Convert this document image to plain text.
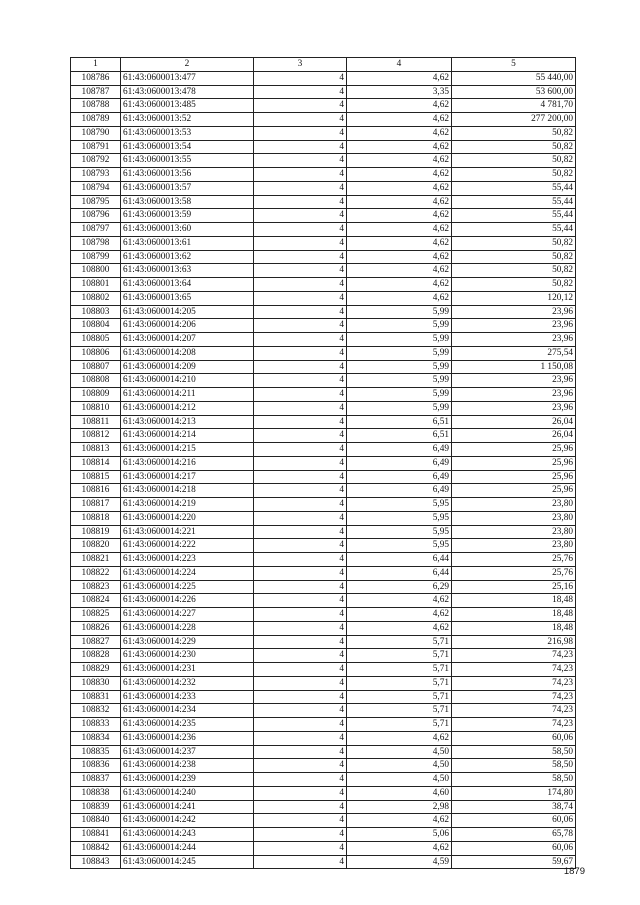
1	2	3	4	5
108786	61:43:0600013:477	4	4,62	55 440,00
108787	61:43:0600013:478	4	3,35	53 600,00
108788	61:43:0600013:485	4	4,62	4 781,70
108789	61:43:0600013:52	4	4,62	277 200,00
108790	61:43:0600013:53	4	4,62	50,82
108791	61:43:0600013:54	4	4,62	50,82
108792	61:43:0600013:55	4	4,62	50,82
108793	61:43:0600013:56	4	4,62	50,82
108794	61:43:0600013:57	4	4,62	55,44
108795	61:43:0600013:58	4	4,62	55,44
108796	61:43:0600013:59	4	4,62	55,44
108797	61:43:0600013:60	4	4,62	55,44
108798	61:43:0600013:61	4	4,62	50,82
108799	61:43:0600013:62	4	4,62	50,82
108800	61:43:0600013:63	4	4,62	50,82
108801	61:43:0600013:64	4	4,62	50,82
108802	61:43:0600013:65	4	4,62	120,12
108803	61:43:0600014:205	4	5,99	23,96
108804	61:43:0600014:206	4	5,99	23,96
108805	61:43:0600014:207	4	5,99	23,96
108806	61:43:0600014:208	4	5,99	275,54
108807	61:43:0600014:209	4	5,99	1 150,08
108808	61:43:0600014:210	4	5,99	23,96
108809	61:43:0600014:211	4	5,99	23,96
108810	61:43:0600014:212	4	5,99	23,96
108811	61:43:0600014:213	4	6,51	26,04
108812	61:43:0600014:214	4	6,51	26,04
108813	61:43:0600014:215	4	6,49	25,96
108814	61:43:0600014:216	4	6,49	25,96
108815	61:43:0600014:217	4	6,49	25,96
108816	61:43:0600014:218	4	6,49	25,96
108817	61:43:0600014:219	4	5,95	23,80
108818	61:43:0600014:220	4	5,95	23,80
108819	61:43:0600014:221	4	5,95	23,80
108820	61:43:0600014:222	4	5,95	23,80
108821	61:43:0600014:223	4	6,44	25,76
108822	61:43:0600014:224	4	6,44	25,76
108823	61:43:0600014:225	4	6,29	25,16
108824	61:43:0600014:226	4	4,62	18,48
108825	61:43:0600014:227	4	4,62	18,48
108826	61:43:0600014:228	4	4,62	18,48
108827	61:43:0600014:229	4	5,71	216,98
108828	61:43:0600014:230	4	5,71	74,23
108829	61:43:0600014:231	4	5,71	74,23
108830	61:43:0600014:232	4	5,71	74,23
108831	61:43:0600014:233	4	5,71	74,23
108832	61:43:0600014:234	4	5,71	74,23
108833	61:43:0600014:235	4	5,71	74,23
108834	61:43:0600014:236	4	4,62	60,06
108835	61:43:0600014:237	4	4,50	58,50
108836	61:43:0600014:238	4	4,50	58,50
108837	61:43:0600014:239	4	4,50	58,50
108838	61:43:0600014:240	4	4,60	174,80
108839	61:43:0600014:241	4	2,98	38,74
108840	61:43:0600014:242	4	4,62	60,06
108841	61:43:0600014:243	4	5,06	65,78
108842	61:43:0600014:244	4	4,62	60,06
108843	61:43:0600014:245	4	4,59	59,67
1879
